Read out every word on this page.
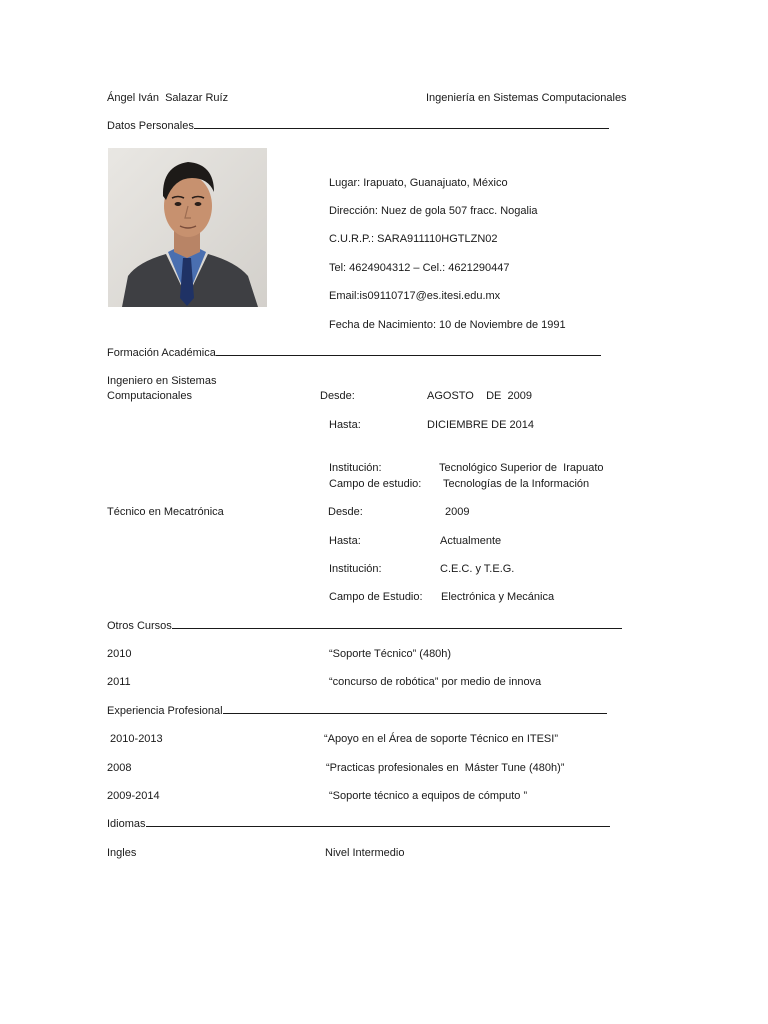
Ángel Iván  Salazar Ruíz	Ingeniería en Sistemas Computacionales
Datos Personales
Lugar: Irapuato, Guanajuato, México
Dirección: Nuez de gola 507 fracc. Nogalia
C.U.R.P.: SARA911110HGTLZN02
Tel: 4624904312 – Cel.: 4621290447
Email:is09110717@es.itesi.edu.mx
Fecha de Nacimiento: 10 de Noviembre de 1991
Formación Académica
Ingeniero en Sistemas
Computacionales	Desde:	AGOSTO    DE  2009
Hasta:	DICIEMBRE DE 2014
Institución:	Tecnológico Superior de  Irapuato
Campo de estudio: Tecnologías de la Información
Técnico en Mecatrónica	Desde:	2009
Hasta:	Actualmente
Institución:	C.E.C. y T.E.G.
Campo de Estudio: Electrónica y Mecánica
Otros Cursos
2010	“Soporte Técnico” (480h)
2011	“concurso de robótica” por medio de innova
Experiencia Profesional
2010-2013	“Apoyo en el Área de soporte Técnico en ITESI”
2008	“Practicas profesionales en  Máster Tune (480h)”
2009-2014	“Soporte técnico a equipos de cómputo ”
Idiomas
Ingles	Nivel Intermedio
